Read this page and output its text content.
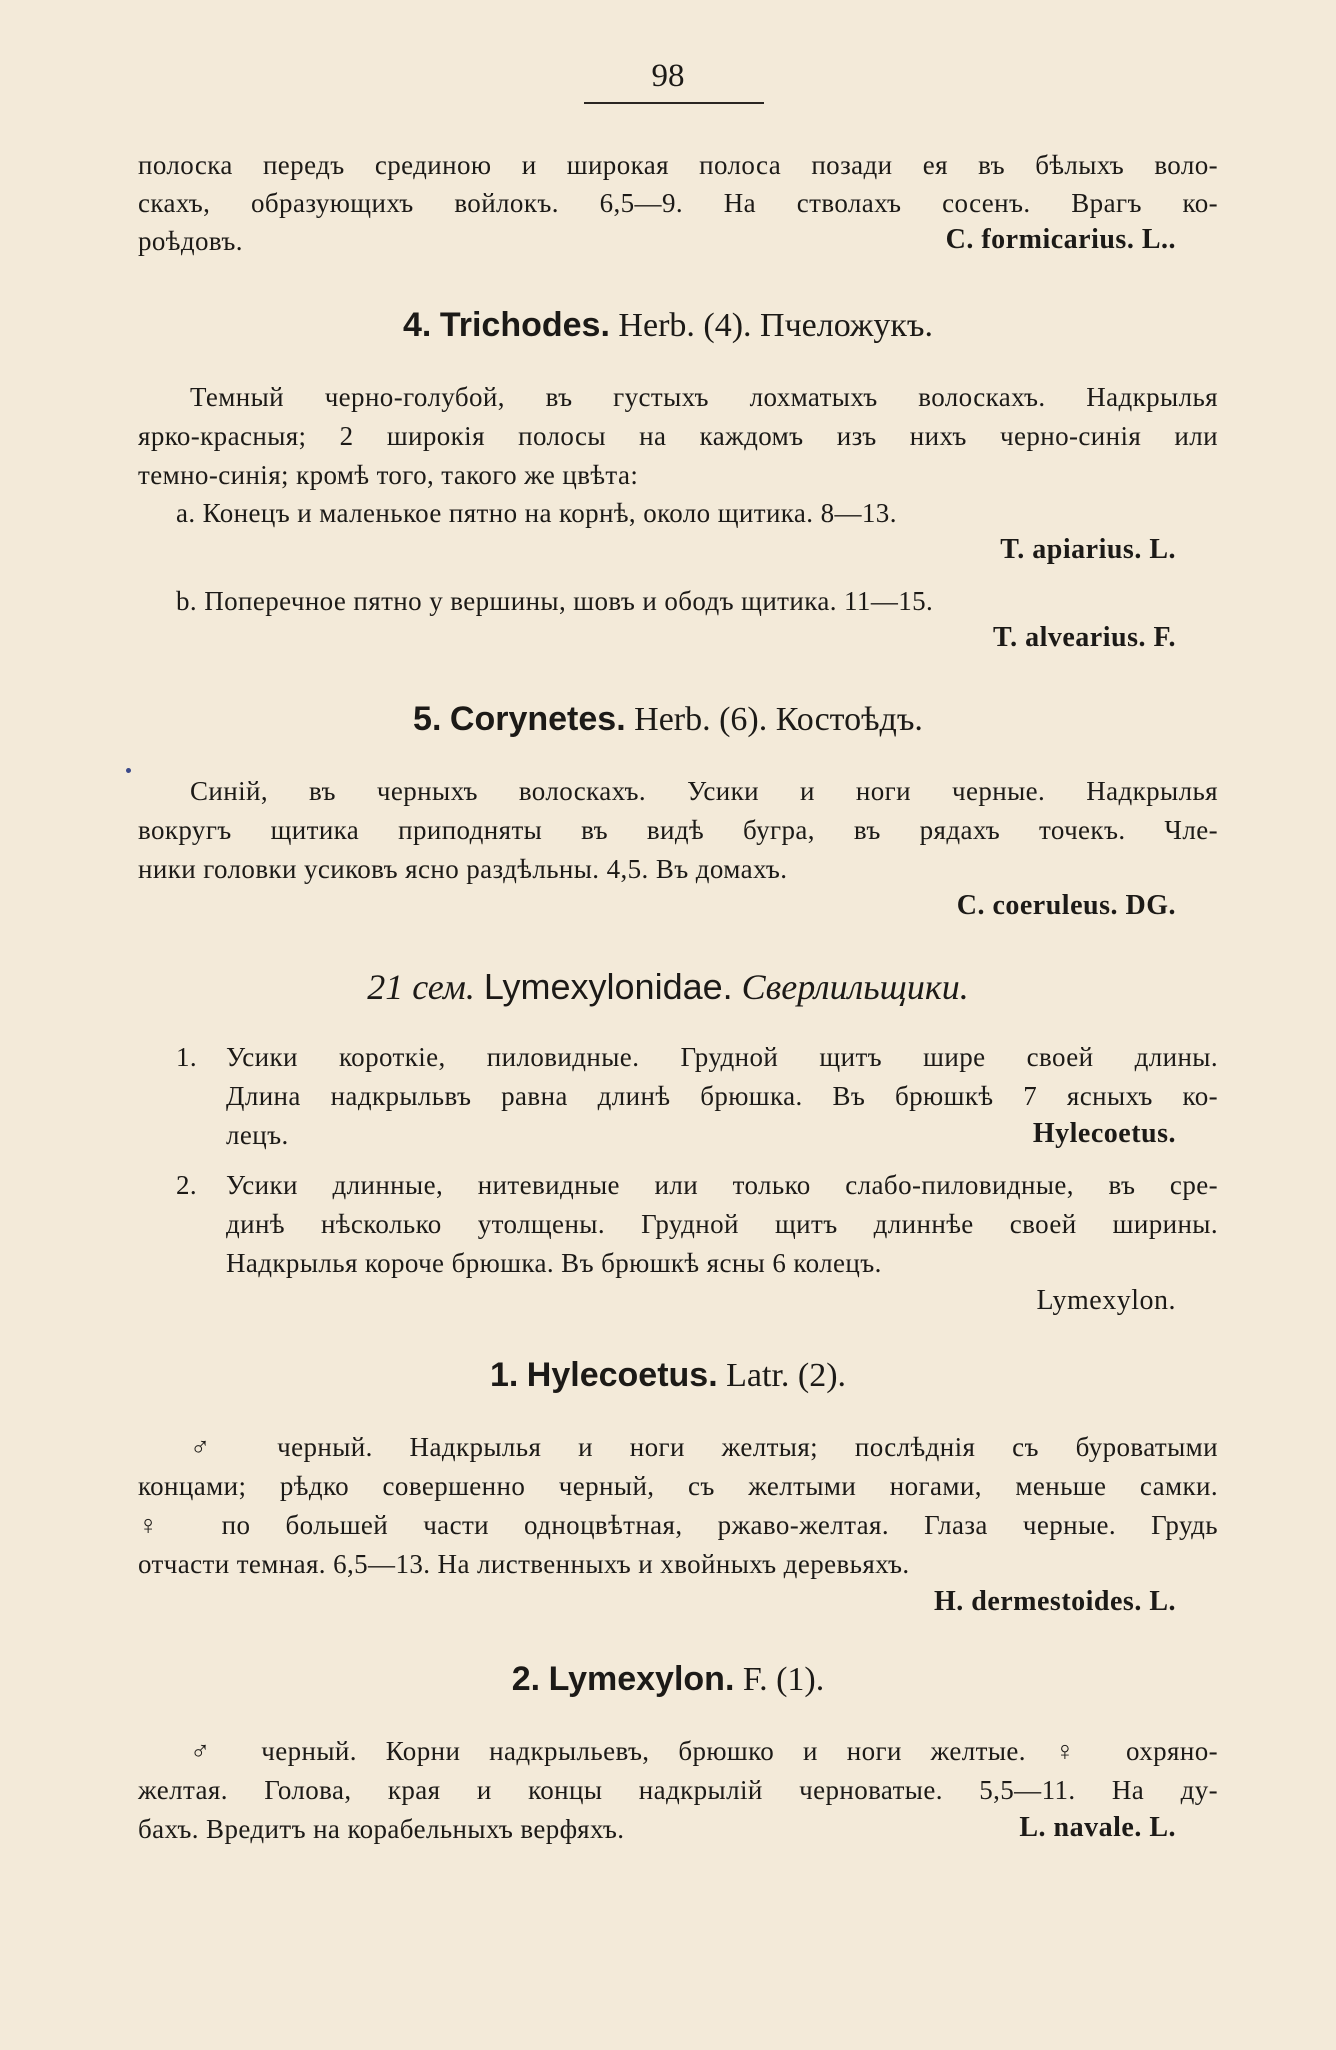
98
полоска передъ срединою и широкая полоса позади ея въ бѣлыхъ воло-
скахъ, образующихъ войлокъ. 6,5—9. На стволахъ сосенъ. Врагъ ко-
роѣдовъ.	C. formicarius. L..
4. Trichodes. Herb. (4). Пчеложукъ.
Темный черно-голубой, въ густыхъ лохматыхъ волоскахъ. Надкрылья
ярко-красныя; 2 широкія полосы на каждомъ изъ нихъ черно-синія или
темно-синія; кромѣ того, такого же цвѣта:
а. Конецъ и маленькое пятно на корнѣ, около щитика. 8—13.
T. apiarius. L.
b. Поперечное пятно у вершины, шовъ и ободъ щитика. 11—15.
T. alvearius. F.
5. Corynetes. Herb. (6). Костоѣдъ.
Синій, въ черныхъ волоскахъ. Усики и ноги черные. Надкрылья
вокругъ щитика приподняты въ видѣ бугра, въ рядахъ точекъ. Чле-
ники головки усиковъ ясно раздѣльны. 4,5. Въ домахъ.
C. coeruleus. DG.
21 сем. Lymexylonidae. Сверлильщики.
1. Усики короткіе, пиловидные. Грудной щитъ шире своей длины.
Длина надкрыльвъ равна длинѣ брюшка. Въ брюшкѣ 7 ясныхъ ко-
лецъ.	Hylecoetus.
2. Усики длинные, нитевидные или только слабо-пиловидные, въ сре-
динѣ нѣсколько утолщены. Грудной щитъ длиннѣе своей ширины.
Надкрылья короче брюшка. Въ брюшкѣ ясны 6 колецъ.
Lymexylon.
1. Hylecoetus. Latr. (2).
♂ черный. Надкрылья и ноги желтыя; послѣднія съ буроватыми
концами; рѣдко совершенно черный, съ желтыми ногами, меньше самки.
♀ по большей части одноцвѣтная, ржаво-желтая. Глаза черные. Грудь
отчасти темная. 6,5—13. На лиственныхъ и хвойныхъ деревьяхъ.
H. dermestoides. L.
2. Lymexylon. F. (1).
♂ черный. Корни надкрыльевъ, брюшко и ноги желтые. ♀ охряно-
желтая. Голова, края и концы надкрылій черноватые. 5,5—11. На ду-
бахъ. Вредитъ на корабельныхъ верфяхъ.	L. navale. L.
